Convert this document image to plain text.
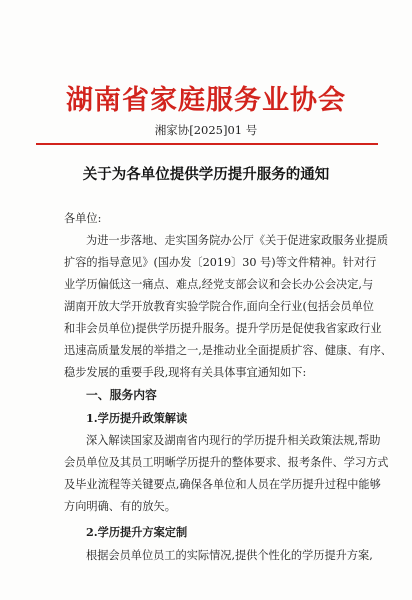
湖南省家庭服务业协会
湘家协[2025]01 号
关于为各单位提供学历提升服务的通知
各单位:
为进一步落地、走实国务院办公厅《关于促进家政服务业提质
扩容的指导意见》(国办发〔2019〕30 号)等文件精神。针对行
业学历偏低这一痛点、难点,经党支部会议和会长办公会决定,与
湖南开放大学开放教育实验学院合作,面向全行业(包括会员单位
和非会员单位)提供学历提升服务。提升学历是促使我省家政行业
迅速高质量发展的举措之一,是推动业全面提质扩容、健康、有序、
稳步发展的重要手段,现将有关具体事宜通知如下:
一、服务内容
1.学历提升政策解读
深入解读国家及湖南省内现行的学历提升相关政策法规,帮助
会员单位及其员工明晰学历提升的整体要求、报考条件、学习方式
及毕业流程等关键要点,确保各单位和人员在学历提升过程中能够
方向明确、有的放矢。
2.学历提升方案定制
根据会员单位员工的实际情况,提供个性化的学历提升方案,
